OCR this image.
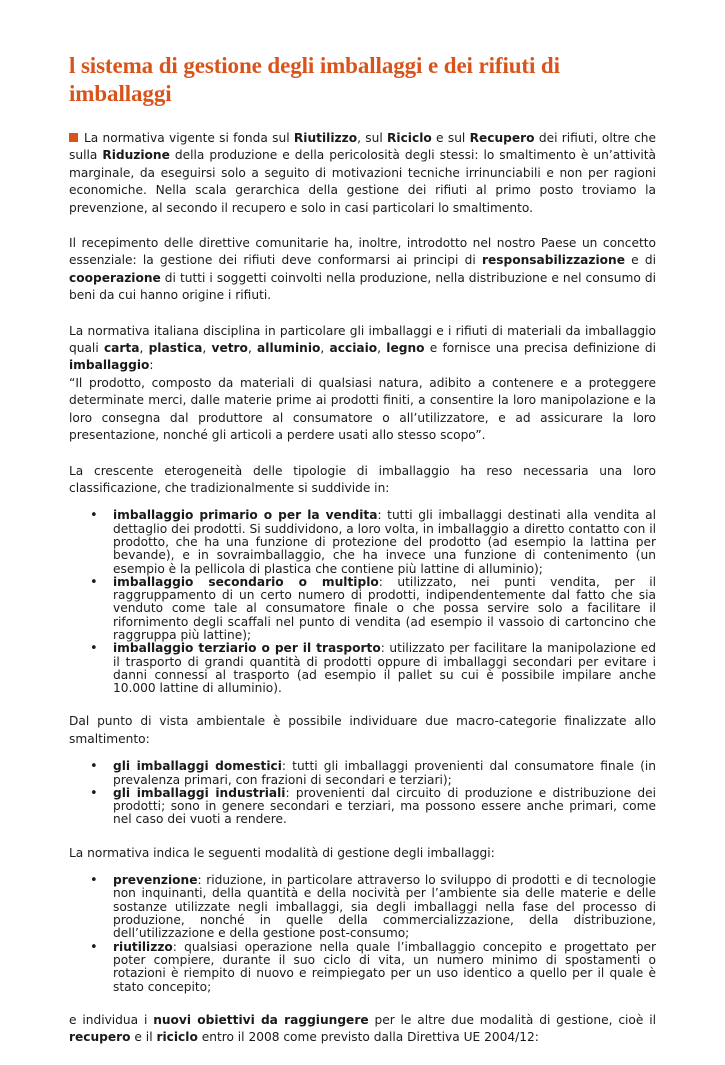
l sistema di gestione degli imballaggi e dei rifiuti di imballaggi

La normativa vigente si fonda sul Riutilizzo, sul Riciclo e sul Recupero dei rifiuti, oltre che sulla Riduzione della produzione e della pericolosità degli stessi: lo smaltimento è un’attività marginale, da eseguirsi solo a seguito di motivazioni tecniche irrinunciabili e non per ragioni economiche. Nella scala gerarchica della gestione dei rifiuti al primo posto troviamo la prevenzione, al secondo il recupero e solo in casi particolari lo smaltimento.

Il recepimento delle direttive comunitarie ha, inoltre, introdotto nel nostro Paese un concetto essenziale: la gestione dei rifiuti deve conformarsi ai principi di responsabilizzazione e di cooperazione di tutti i soggetti coinvolti nella produzione, nella distribuzione e nel consumo di beni da cui hanno origine i rifiuti.

La normativa italiana disciplina in particolare gli imballaggi e i rifiuti di materiali da imballaggio quali carta, plastica, vetro, alluminio, acciaio, legno e fornisce una precisa definizione di imballaggio:

“Il prodotto, composto da materiali di qualsiasi natura, adibito a contenere e a proteggere determinate merci, dalle materie prime ai prodotti finiti, a consentire la loro manipolazione e la loro consegna dal produttore al consumatore o all’utilizzatore, e ad assicurare la loro presentazione, nonché gli articoli a perdere usati allo stesso scopo”.

La crescente eterogeneità delle tipologie di imballaggio ha reso necessaria una loro classificazione, che tradizionalmente si suddivide in:

• imballaggio primario o per la vendita: tutti gli imballaggi destinati alla vendita al dettaglio dei prodotti. Si suddividono, a loro volta, in imballaggio a diretto contatto con il prodotto, che ha una funzione di protezione del prodotto (ad esempio la lattina per bevande), e in sovraimballaggio, che ha invece una funzione di contenimento (un esempio è la pellicola di plastica che contiene più lattine di alluminio);
• imballaggio secondario o multiplo: utilizzato, nei punti vendita, per il raggruppamento di un certo numero di prodotti, indipendentemente dal fatto che sia venduto come tale al consumatore finale o che possa servire solo a facilitare il rifornimento degli scaffali nel punto di vendita (ad esempio il vassoio di cartoncino che raggruppa più lattine);
• imballaggio terziario o per il trasporto: utilizzato per facilitare la manipolazione ed il trasporto di grandi quantità di prodotti oppure di imballaggi secondari per evitare i danni connessi al trasporto (ad esempio il pallet su cui è possibile impilare anche 10.000 lattine di alluminio).

Dal punto di vista ambientale è possibile individuare due macro-categorie finalizzate allo smaltimento:

• gli imballaggi domestici: tutti gli imballaggi provenienti dal consumatore finale (in prevalenza primari, con frazioni di secondari e terziari);
• gli imballaggi industriali: provenienti dal circuito di produzione e distribuzione dei prodotti; sono in genere secondari e terziari, ma possono essere anche primari, come nel caso dei vuoti a rendere.

La normativa indica le seguenti modalità di gestione degli imballaggi:

• prevenzione: riduzione, in particolare attraverso lo sviluppo di prodotti e di tecnologie non inquinanti, della quantità e della nocività per l’ambiente sia delle materie e delle sostanze utilizzate negli imballaggi, sia degli imballaggi nella fase del processo di produzione, nonché in quelle della commercializzazione, della distribuzione, dell’utilizzazione e della gestione post-consumo;
• riutilizzo: qualsiasi operazione nella quale l’imballaggio concepito e progettato per poter compiere, durante il suo ciclo di vita, un numero minimo di spostamenti o rotazioni è riempito di nuovo e reimpiegato per un uso identico a quello per il quale è stato concepito;

e individua i nuovi obiettivi da raggiungere per le altre due modalità di gestione, cioè il recupero e il riciclo entro il 2008 come previsto dalla Direttiva UE 2004/12:
